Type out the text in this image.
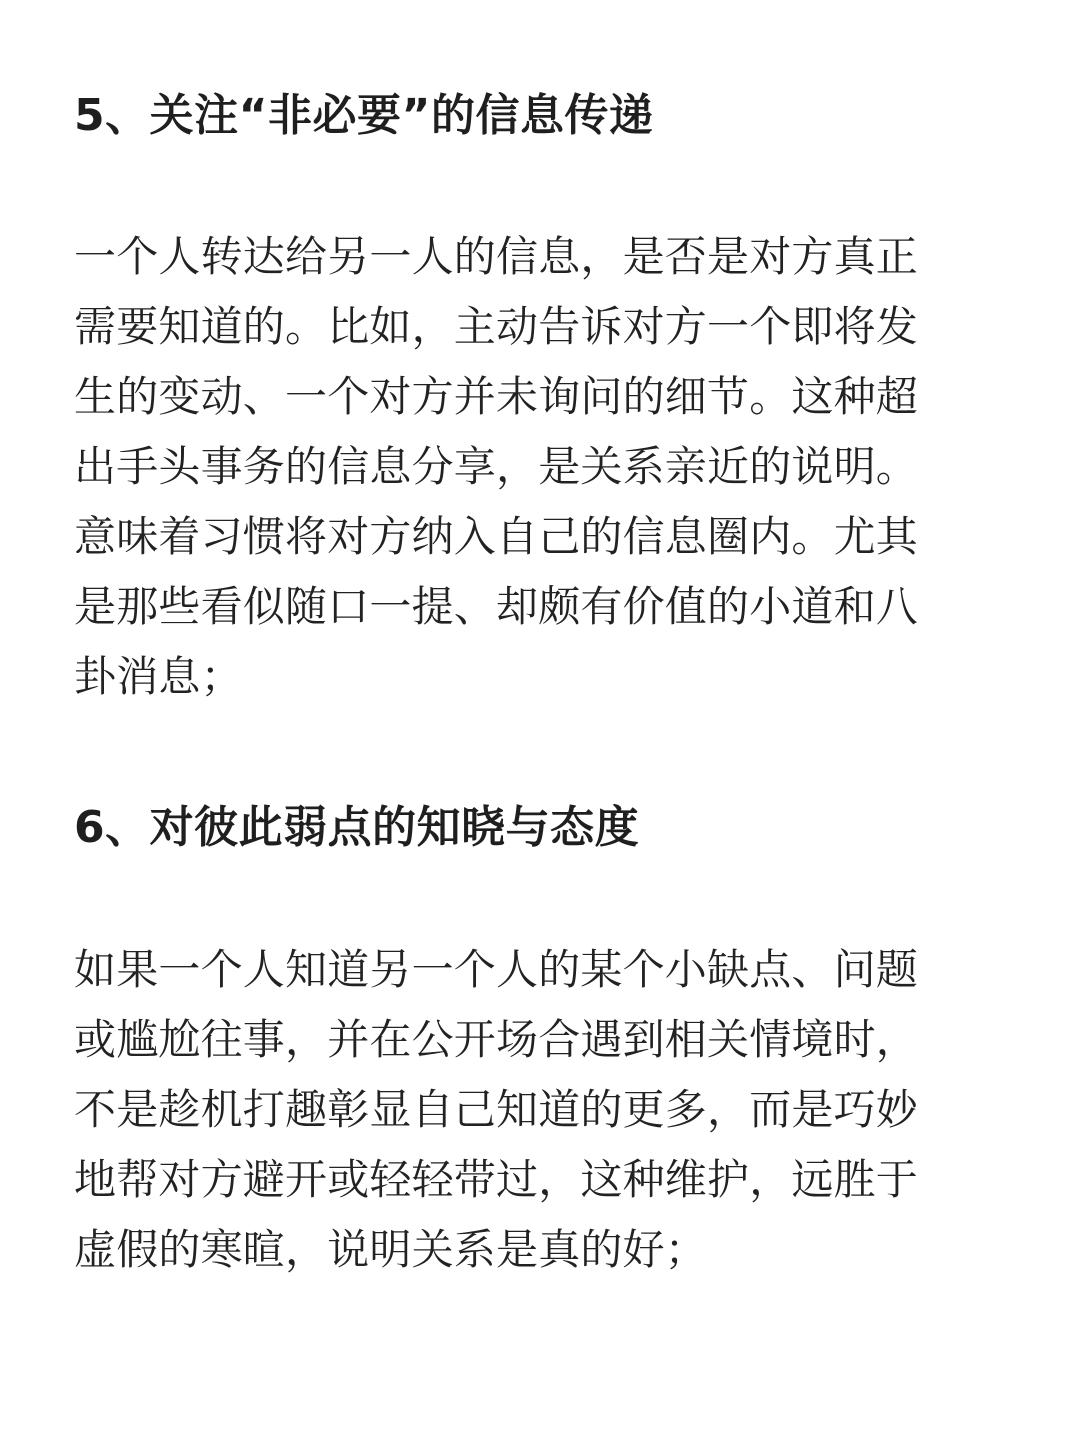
5、关注“非必要”的信息传递

一个人转达给另一人的信息，是否是对方真正
需要知道的。比如，主动告诉对方一个即将发
生的变动、一个对方并未询问的细节。这种超
出手头事务的信息分享，是关系亲近的说明。
意味着习惯将对方纳入自己的信息圈内。尤其
是那些看似随口一提、却颇有价值的小道和八
卦消息；

6、对彼此弱点的知晓与态度

如果一个人知道另一个人的某个小缺点、问题
或尴尬往事，并在公开场合遇到相关情境时，
不是趁机打趣彰显自己知道的更多，而是巧妙
地帮对方避开或轻轻带过，这种维护，远胜于
虚假的寒暄，说明关系是真的好；
